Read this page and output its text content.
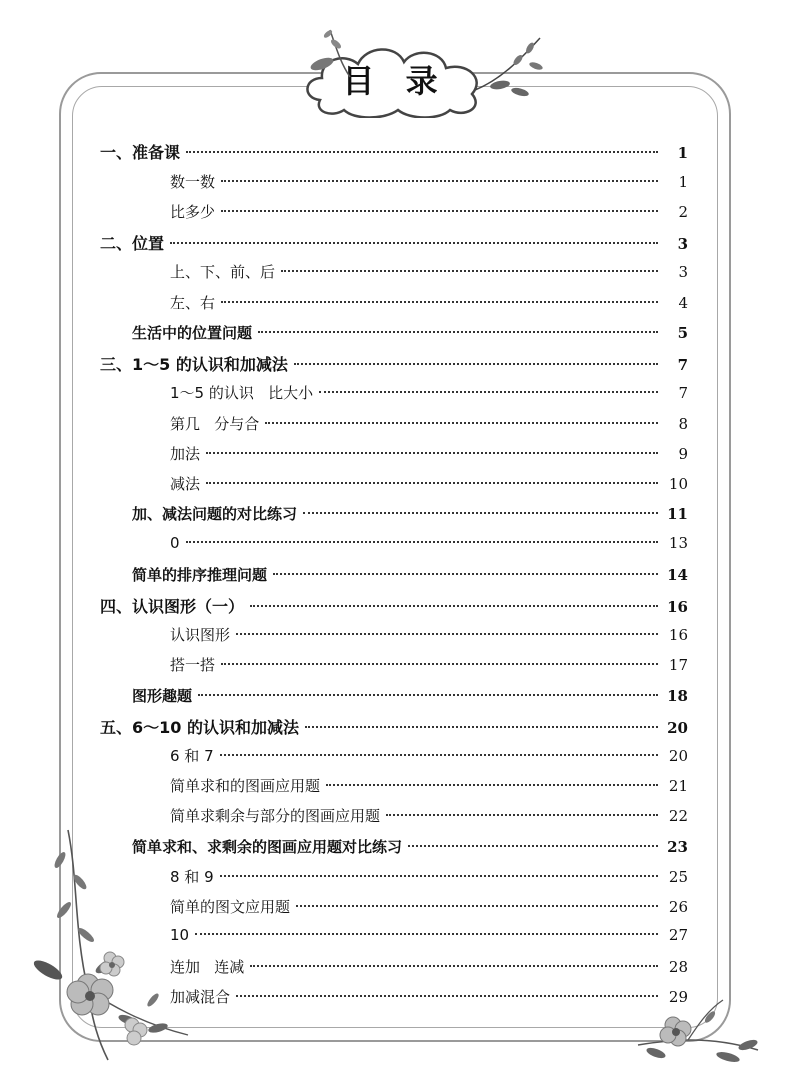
目 录
一、准备课	1
数一数	1
比多少	2
二、位置	3
上、下、前、后	3
左、右	4
生活中的位置问题	5
三、1～5 的认识和加减法	7
1～5 的认识   比大小	7
第几   分与合	8
加法	9
减法	10
加、减法问题的对比练习	11
0	13
简单的排序推理问题	14
四、认识图形（一）	16
认识图形	16
搭一搭	17
图形趣题	18
五、6～10 的认识和加减法	20
6 和 7	20
简单求和的图画应用题	21
简单求剩余与部分的图画应用题	22
简单求和、求剩余的图画应用题对比练习	23
8 和 9	25
简单的图文应用题	26
10	27
连加   连减	28
加减混合	29
